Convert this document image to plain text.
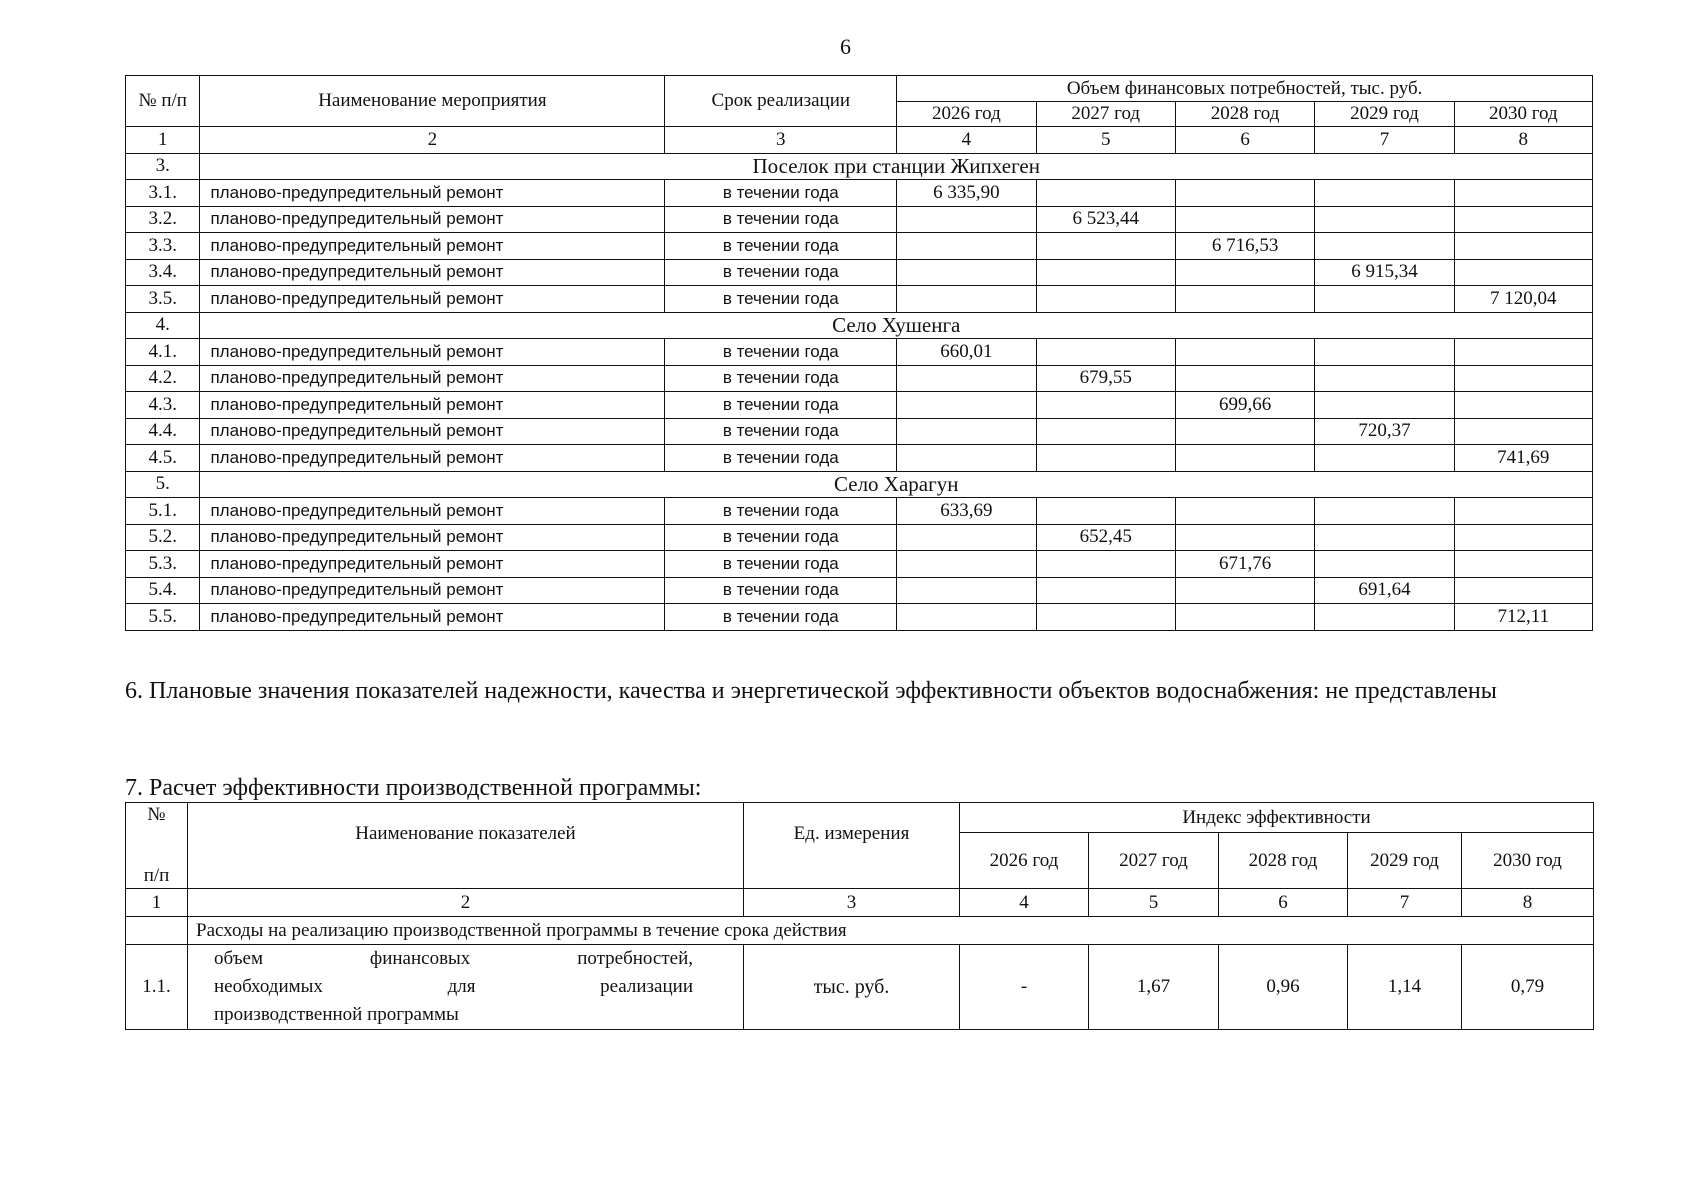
6
№ п/п	Наименование мероприятия	Срок реализации	Объем финансовых потребностей, тыс. руб.				
			2026 год	2027 год	2028 год	2029 год	2030 год
1	2	3	4	5	6	7	8
3.	Поселок при станции Жипхеген						
3.1.	планово-предупредительный ремонт	в течении года	6 335,90				
3.2.	планово-предупредительный ремонт	в течении года		6 523,44			
3.3.	планово-предупредительный ремонт	в течении года			6 716,53		
3.4.	планово-предупредительный ремонт	в течении года				6 915,34	
3.5.	планово-предупредительный ремонт	в течении года					7 120,04
4.	Село Хушенга						
4.1.	планово-предупредительный ремонт	в течении года	660,01				
4.2.	планово-предупредительный ремонт	в течении года		679,55			
4.3.	планово-предупредительный ремонт	в течении года			699,66		
4.4.	планово-предупредительный ремонт	в течении года				720,37	
4.5.	планово-предупредительный ремонт	в течении года					741,69
5.	Село Харагун						
5.1.	планово-предупредительный ремонт	в течении года	633,69				
5.2.	планово-предупредительный ремонт	в течении года		652,45			
5.3.	планово-предупредительный ремонт	в течении года			671,76		
5.4.	планово-предупредительный ремонт	в течении года				691,64	
5.5.	планово-предупредительный ремонт	в течении года					712,11
6. Плановые значения показателей надежности, качества и энергетической эффективности объектов водоснабжения: не представлены
7. Расчет эффективности производственной программы:
№
п/п	Наименование показателей	Ед. измерения	Индекс эффективности				
			2026 год	2027 год	2028 год	2029 год	2030 год
1	2	3	4	5	6	7	8
	Расходы на реализацию производственной программы в течение срока действия						
1.1.	объем финансовых потребностей,
необходимых для реализации
производственной программы	тыс. руб.	-	1,67	0,96	1,14	0,79
